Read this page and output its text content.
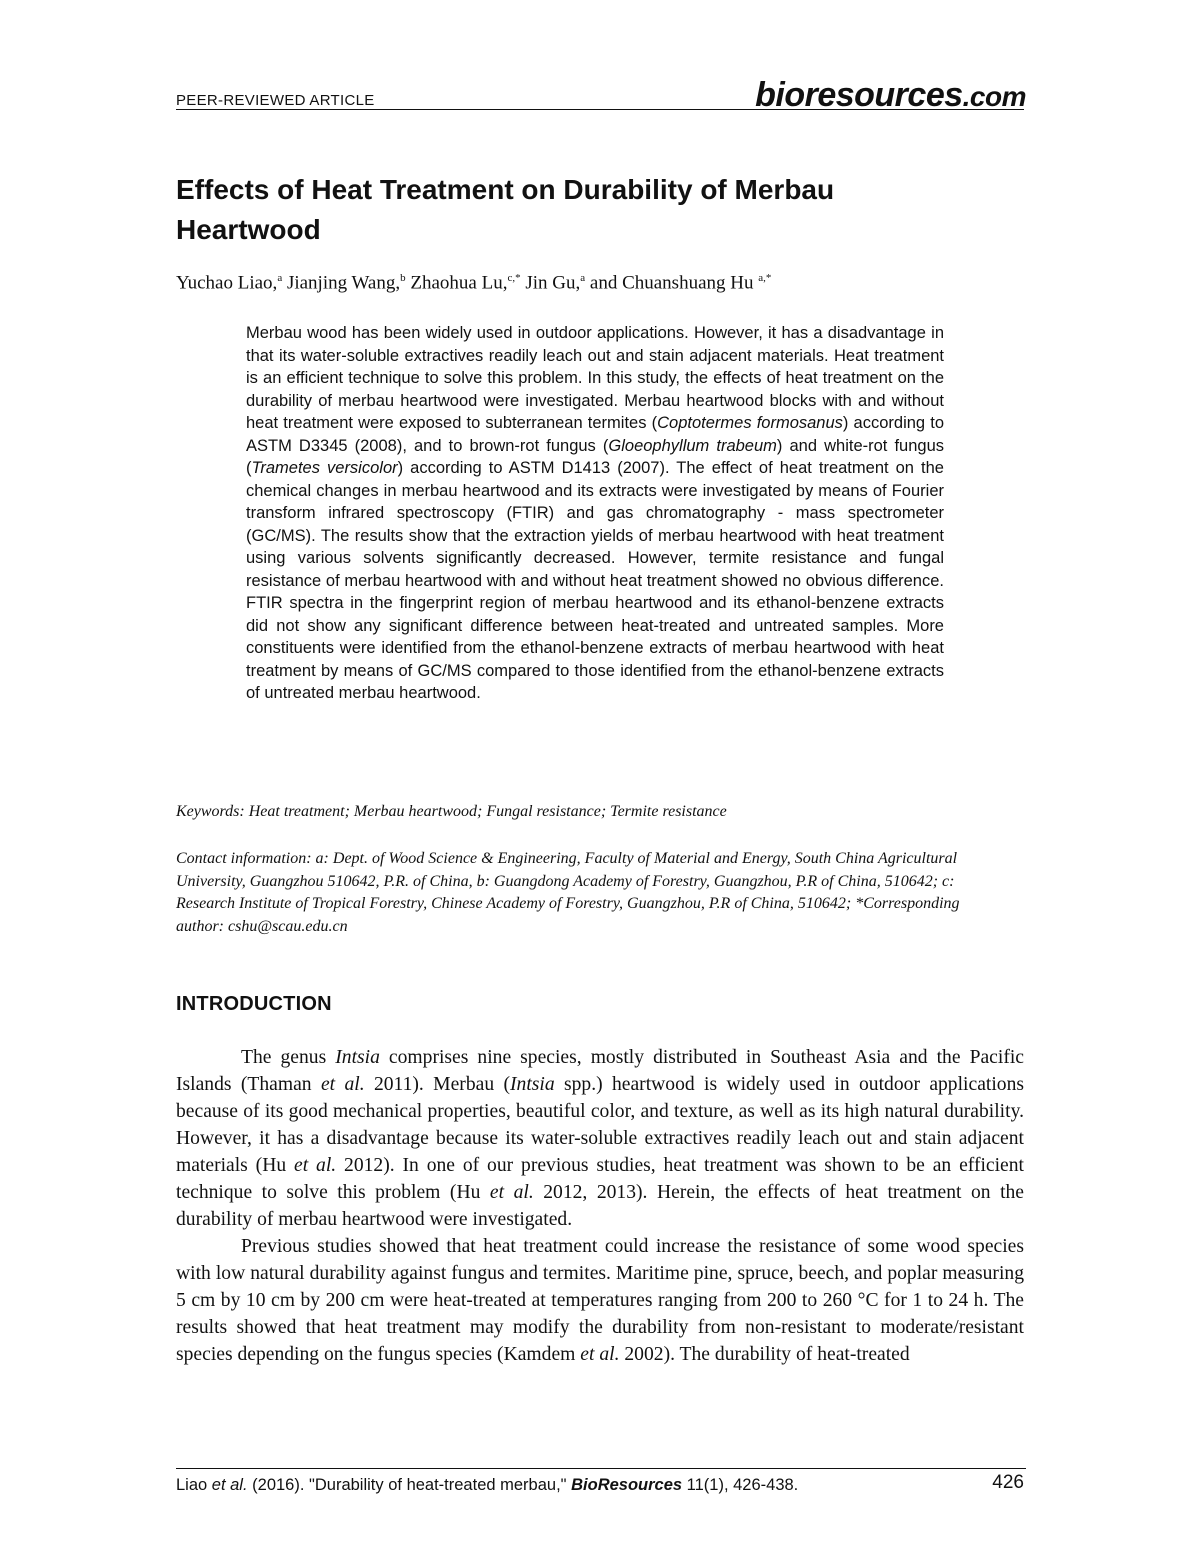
PEER-REVIEWED ARTICLE	bioresources.com
Effects of Heat Treatment on Durability of Merbau Heartwood

Yuchao Liao,$^a$ Jianjing Wang,$^b$ Zhaohua Lu,$^{c,*}$ Jin Gu,$^a$ and Chuanshuang Hu $^{a,*}$

Merbau wood has been widely used in outdoor applications. However, it has a disadvantage in that its water-soluble extractives readily leach out and stain adjacent materials. Heat treatment is an efficient technique to solve this problem. In this study, the effects of heat treatment on the durability of merbau heartwood were investigated. Merbau heartwood blocks with and without heat treatment were exposed to subterranean termites (Coptotermes formosanus) according to ASTM D3345 (2008), and to brown-rot fungus (Gloeophyllum trabeum) and white-rot fungus (Trametes versicolor) according to ASTM D1413 (2007). The effect of heat treatment on the chemical changes in merbau heartwood and its extracts were investigated by means of Fourier transform infrared spectroscopy (FTIR) and gas chromatography - mass spectrometer (GC/MS). The results show that the extraction yields of merbau heartwood with heat treatment using various solvents significantly decreased. However, termite resistance and fungal resistance of merbau heartwood with and without heat treatment showed no obvious difference. FTIR spectra in the fingerprint region of merbau heartwood and its ethanol-benzene extracts did not show any significant difference between heat-treated and untreated samples. More constituents were identified from the ethanol-benzene extracts of merbau heartwood with heat treatment by means of GC/MS compared to those identified from the ethanol-benzene extracts of untreated merbau heartwood.

Keywords: Heat treatment; Merbau heartwood; Fungal resistance; Termite resistance

Contact information: a: Dept. of Wood Science & Engineering, Faculty of Material and Energy, South China Agricultural University, Guangzhou 510642, P.R. of China, b: Guangdong Academy of Forestry, Guangzhou, P.R of China, 510642; c: Research Institute of Tropical Forestry, Chinese Academy of Forestry, Guangzhou, P.R of China, 510642; *Corresponding author: cshu@scau.edu.cn

INTRODUCTION

The genus Intsia comprises nine species, mostly distributed in Southeast Asia and the Pacific Islands (Thaman et al. 2011). Merbau (Intsia spp.) heartwood is widely used in outdoor applications because of its good mechanical properties, beautiful color, and texture, as well as its high natural durability. However, it has a disadvantage because its water-soluble extractives readily leach out and stain adjacent materials (Hu et al. 2012). In one of our previous studies, heat treatment was shown to be an efficient technique to solve this problem (Hu et al. 2012, 2013). Herein, the effects of heat treatment on the durability of merbau heartwood were investigated.

Previous studies showed that heat treatment could increase the resistance of some wood species with low natural durability against fungus and termites. Maritime pine, spruce, beech, and poplar measuring 5 cm by 10 cm by 200 cm were heat-treated at temperatures ranging from 200 to 260 °C for 1 to 24 h. The results showed that heat treatment may modify the durability from non-resistant to moderate/resistant species depending on the fungus species (Kamdem et al. 2002). The durability of heat-treated

Liao et al. (2016). "Durability of heat-treated merbau," BioResources 11(1), 426-438.	426
